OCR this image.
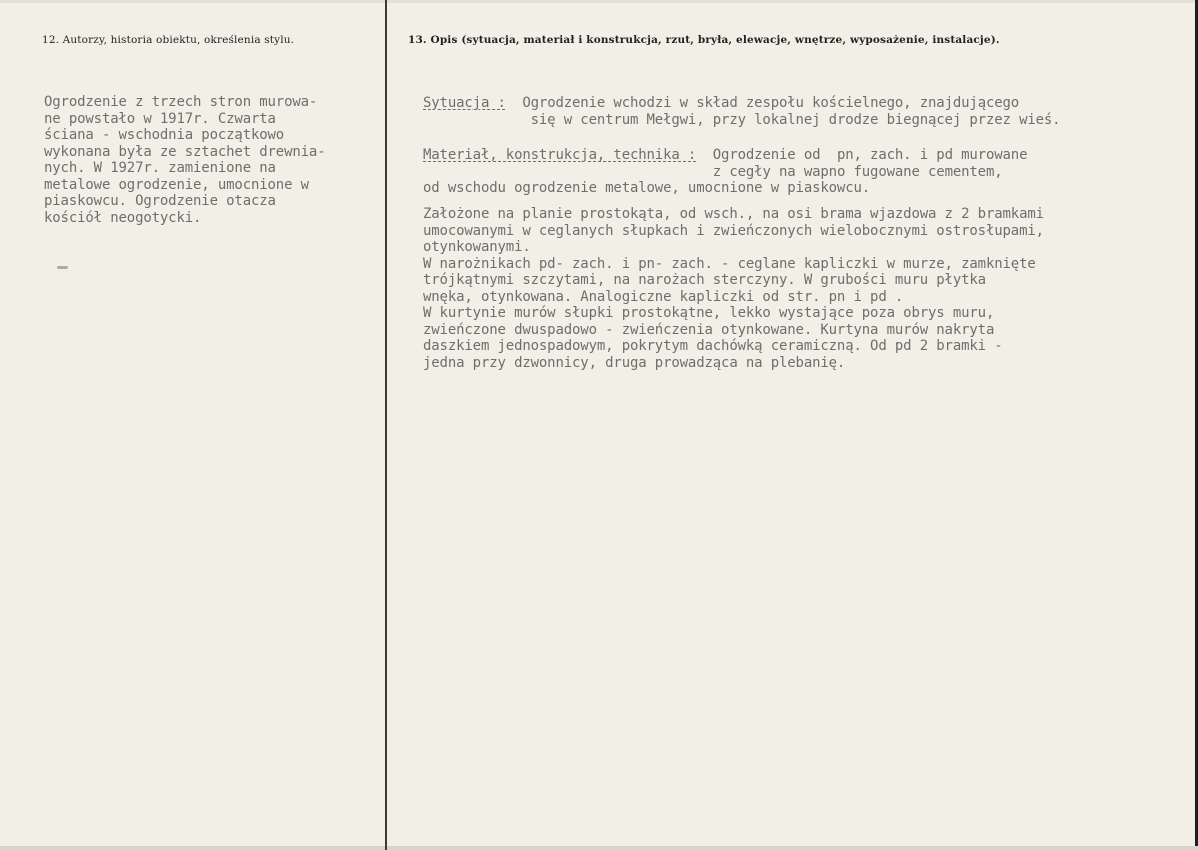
12. Autorzy, historia obiektu, określenia stylu.	13. Opis (sytuacja, materiał i konstrukcja, rzut, bryła, elewacje, wnętrze, wyposażenie, instalacje).
Ogrodzenie z trzech stron murowa-
ne powstało w 1917r. Czwarta
ściana - wschodnia początkowo
wykonana była ze sztachet drewnia-
nych. W 1927r. zamienione na
metalowe ogrodzenie, umocnione w
piaskowcu. Ogrodzenie otacza
kościół neogotycki.
Sytuacja : Ogrodzenie wchodzi w skład zespołu kościelnego, znajdującego
się w centrum Mełgwi, przy lokalnej drodze biegnącej przez wieś.
Materiał, konstrukcja, technika : Ogrodzenie od  pn, zach. i pd murowane
z cegły na wapno fugowane cementem,
od wschodu ogrodzenie metalowe, umocnione w piaskowcu.
Założone na planie prostokąta, od wsch., na osi brama wjazdowa z 2 bramkami
umocowanymi w ceglanych słupkach i zwieńczonych wielobocznymi ostrosłupami,
otynkowanymi.
W narożnikach pd- zach. i pn- zach. - ceglane kapliczki w murze, zamknięte
trójkątnymi szczytami, na narożach sterczyny. W grubości muru płytka
wnęka, otynkowana. Analogiczne kapliczki od str. pn i pd .
W kurtynie murów słupki prostokątne, lekko wystające poza obrys muru,
zwieńczone dwuspadowo - zwieńczenia otynkowane. Kurtyna murów nakryta
daszkiem jednospadowym, pokrytym dachówką ceramiczną. Od pd 2 bramki -
jedna przy dzwonnicy, druga prowadząca na plebanię.
